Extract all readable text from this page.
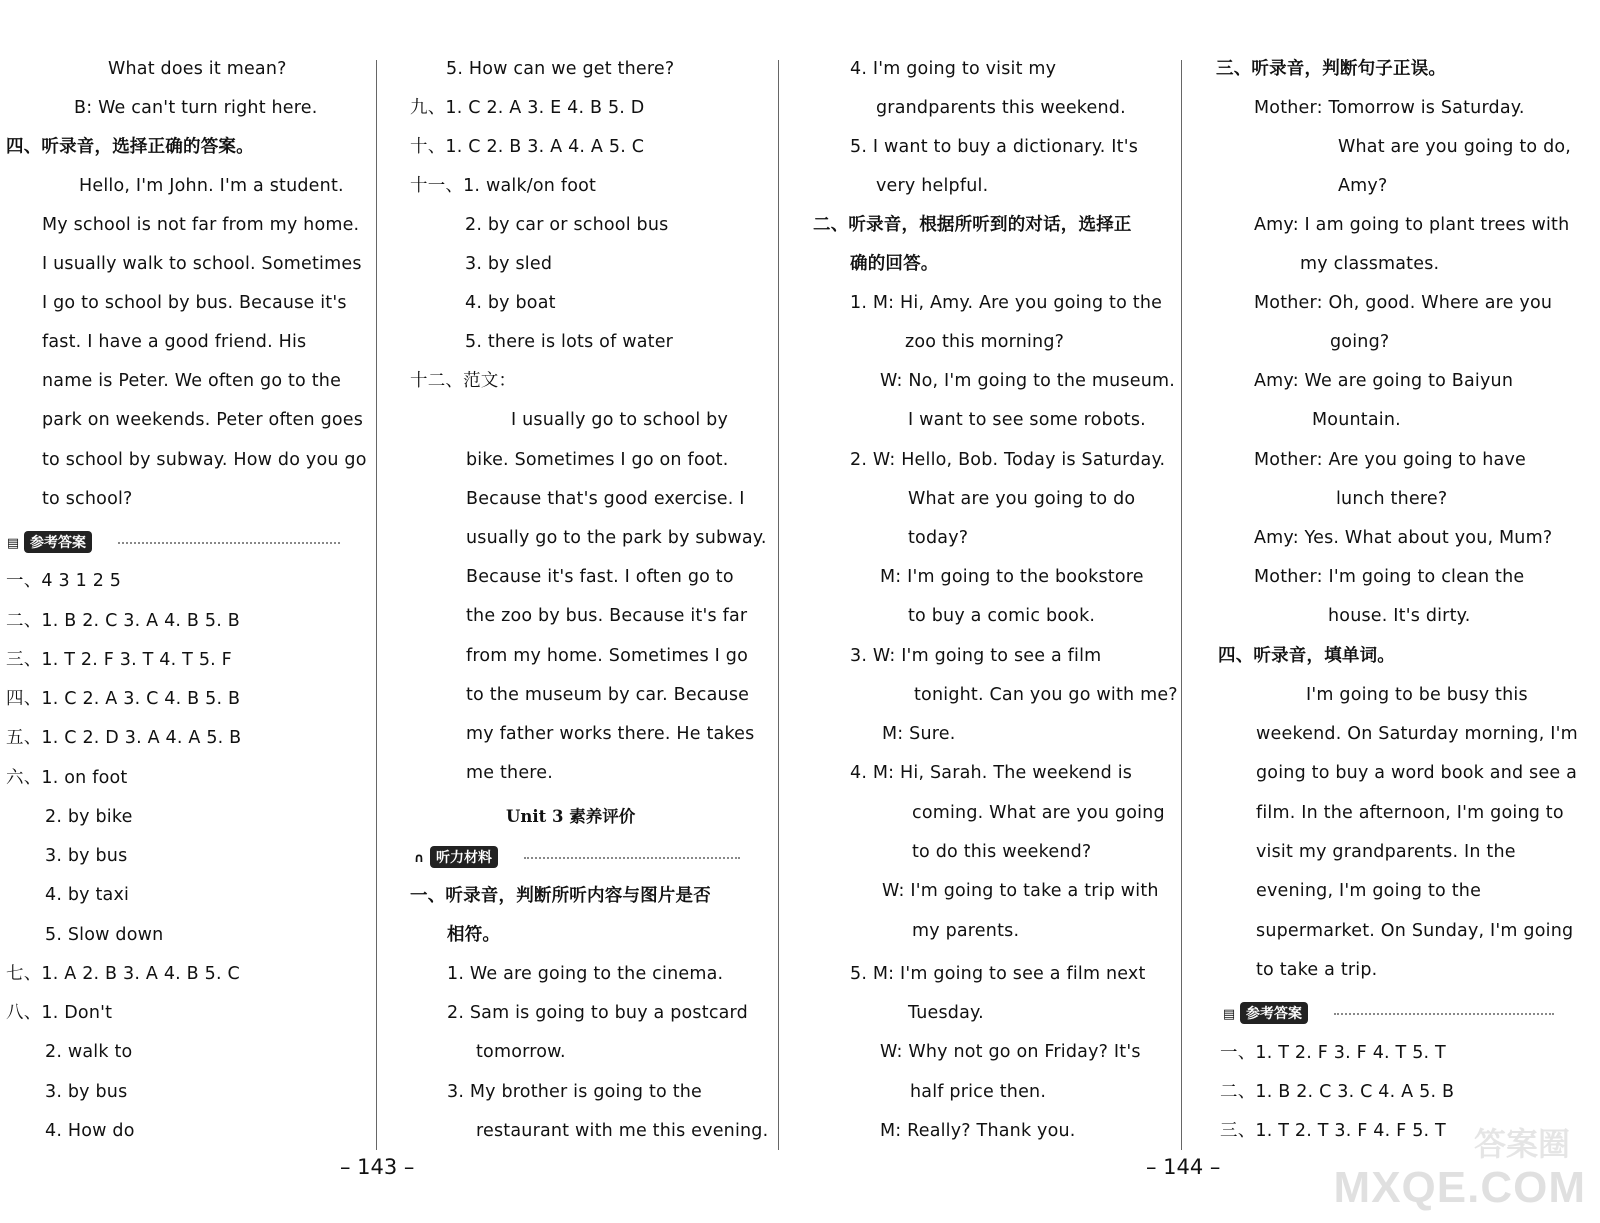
What does it mean?
B: We can't turn right here.
四、听录音，选择正确的答案。
Hello, I'm John. I'm a student.
My school is not far from my home.
I usually walk to school. Sometimes
I go to school by bus. Because it's
fast. I have a good friend. His
name is Peter. We often go to the
park on weekends. Peter often goes
to school by subway. How do you go
to school?
▤ 参考答案
一、4 3 1 2 5
二、1. B 2. C 3. A 4. B 5. B
三、1. T 2. F 3. T 4. T 5. F
四、1. C 2. A 3. C 4. B 5. B
五、1. C 2. D 3. A 4. A 5. B
六、1. on foot
2. by bike
3. by bus
4. by taxi
5. Slow down
七、1. A 2. B 3. A 4. B 5. C
八、1. Don't
2. walk to
3. by bus
4. How do
5. How can we get there?
九、1. C 2. A 3. E 4. B 5. D
十、1. C 2. B 3. A 4. A 5. C
十一、1. walk/on foot
2. by car or school bus
3. by sled
4. by boat
5. there is lots of water
十二、范文：
I usually go to school by
bike. Sometimes I go on foot.
Because that's good exercise. I
usually go to the park by subway.
Because it's fast. I often go to
the zoo by bus. Because it's far
from my home. Sometimes I go
to the museum by car. Because
my father works there. He takes
me there.
Unit 3 素养评价
∩ 听力材料
一、听录音，判断所听内容与图片是否
相符。
1. We are going to the cinema.
2. Sam is going to buy a postcard
tomorrow.
3. My brother is going to the
restaurant with me this evening.
– 143 –
4. I'm going to visit my
grandparents this weekend.
5. I want to buy a dictionary. It's
very helpful.
二、听录音，根据所听到的对话，选择正
确的回答。
1. M: Hi, Amy. Are you going to the
zoo this morning?
W: No, I'm going to the museum.
I want to see some robots.
2. W: Hello, Bob. Today is Saturday.
What are you going to do
today?
M: I'm going to the bookstore
to buy a comic book.
3. W: I'm going to see a film
tonight. Can you go with me?
M: Sure.
4. M: Hi, Sarah. The weekend is
coming. What are you going
to do this weekend?
W: I'm going to take a trip with
my parents.
5. M: I'm going to see a film next
Tuesday.
W: Why not go on Friday? It's
half price then.
M: Really? Thank you.
– 144 –
三、听录音，判断句子正误。
Mother: Tomorrow is Saturday.
What are you going to do,
Amy?
Amy: I am going to plant trees with
my classmates.
Mother: Oh, good. Where are you
going?
Amy: We are going to Baiyun
Mountain.
Mother: Are you going to have
lunch there?
Amy: Yes. What about you, Mum?
Mother: I'm going to clean the
house. It's dirty.
四、听录音，填单词。
I'm going to be busy this
weekend. On Saturday morning, I'm
going to buy a word book and see a
film. In the afternoon, I'm going to
visit my grandparents. In the
evening, I'm going to the
supermarket. On Sunday, I'm going
to take a trip.
▤ 参考答案
一、1. T 2. F 3. F 4. T 5. T
二、1. B 2. C 3. C 4. A 5. B
三、1. T 2. T 3. F 4. F 5. T 答案圈
MXQE.COM
